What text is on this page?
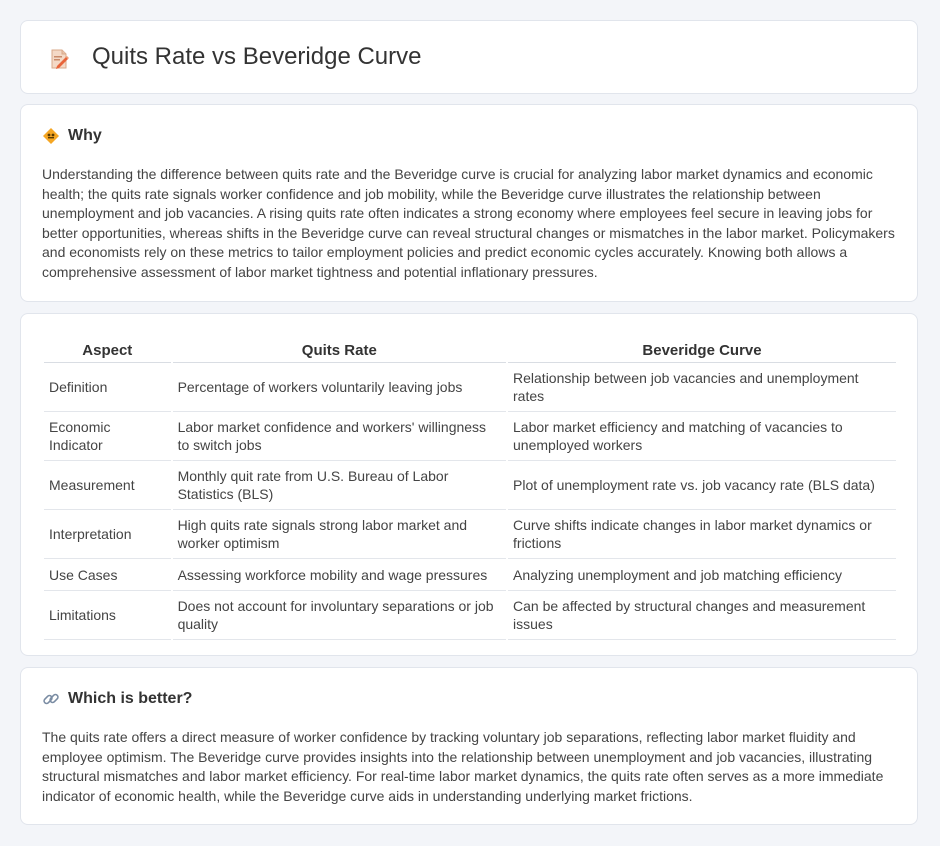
Quits Rate vs Beveridge Curve
Why

Understanding the difference between quits rate and the Beveridge curve is crucial for analyzing labor market dynamics and economic health; the quits rate signals worker confidence and job mobility, while the Beveridge curve illustrates the relationship between unemployment and job vacancies. A rising quits rate often indicates a strong economy where employees feel secure in leaving jobs for better opportunities, whereas shifts in the Beveridge curve can reveal structural changes or mismatches in the labor market. Policymakers and economists rely on these metrics to tailor employment policies and predict economic cycles accurately. Knowing both allows a comprehensive assessment of labor market tightness and potential inflationary pressures.

Aspect	Quits Rate	Beveridge Curve
Definition	Percentage of workers voluntarily leaving jobs	Relationship between job vacancies and unemployment rates
Economic Indicator	Labor market confidence and workers' willingness to switch jobs	Labor market efficiency and matching of vacancies to unemployed workers
Measurement	Monthly quit rate from U.S. Bureau of Labor Statistics (BLS)	Plot of unemployment rate vs. job vacancy rate (BLS data)
Interpretation	High quits rate signals strong labor market and worker optimism	Curve shifts indicate changes in labor market dynamics or frictions
Use Cases	Assessing workforce mobility and wage pressures	Analyzing unemployment and job matching efficiency
Limitations	Does not account for involuntary separations or job quality	Can be affected by structural changes and measurement issues
Which is better?

The quits rate offers a direct measure of worker confidence by tracking voluntary job separations, reflecting labor market fluidity and employee optimism. The Beveridge curve provides insights into the relationship between unemployment and job vacancies, illustrating structural mismatches and labor market efficiency. For real-time labor market dynamics, the quits rate often serves as a more immediate indicator of economic health, while the Beveridge curve aids in understanding underlying market frictions.
